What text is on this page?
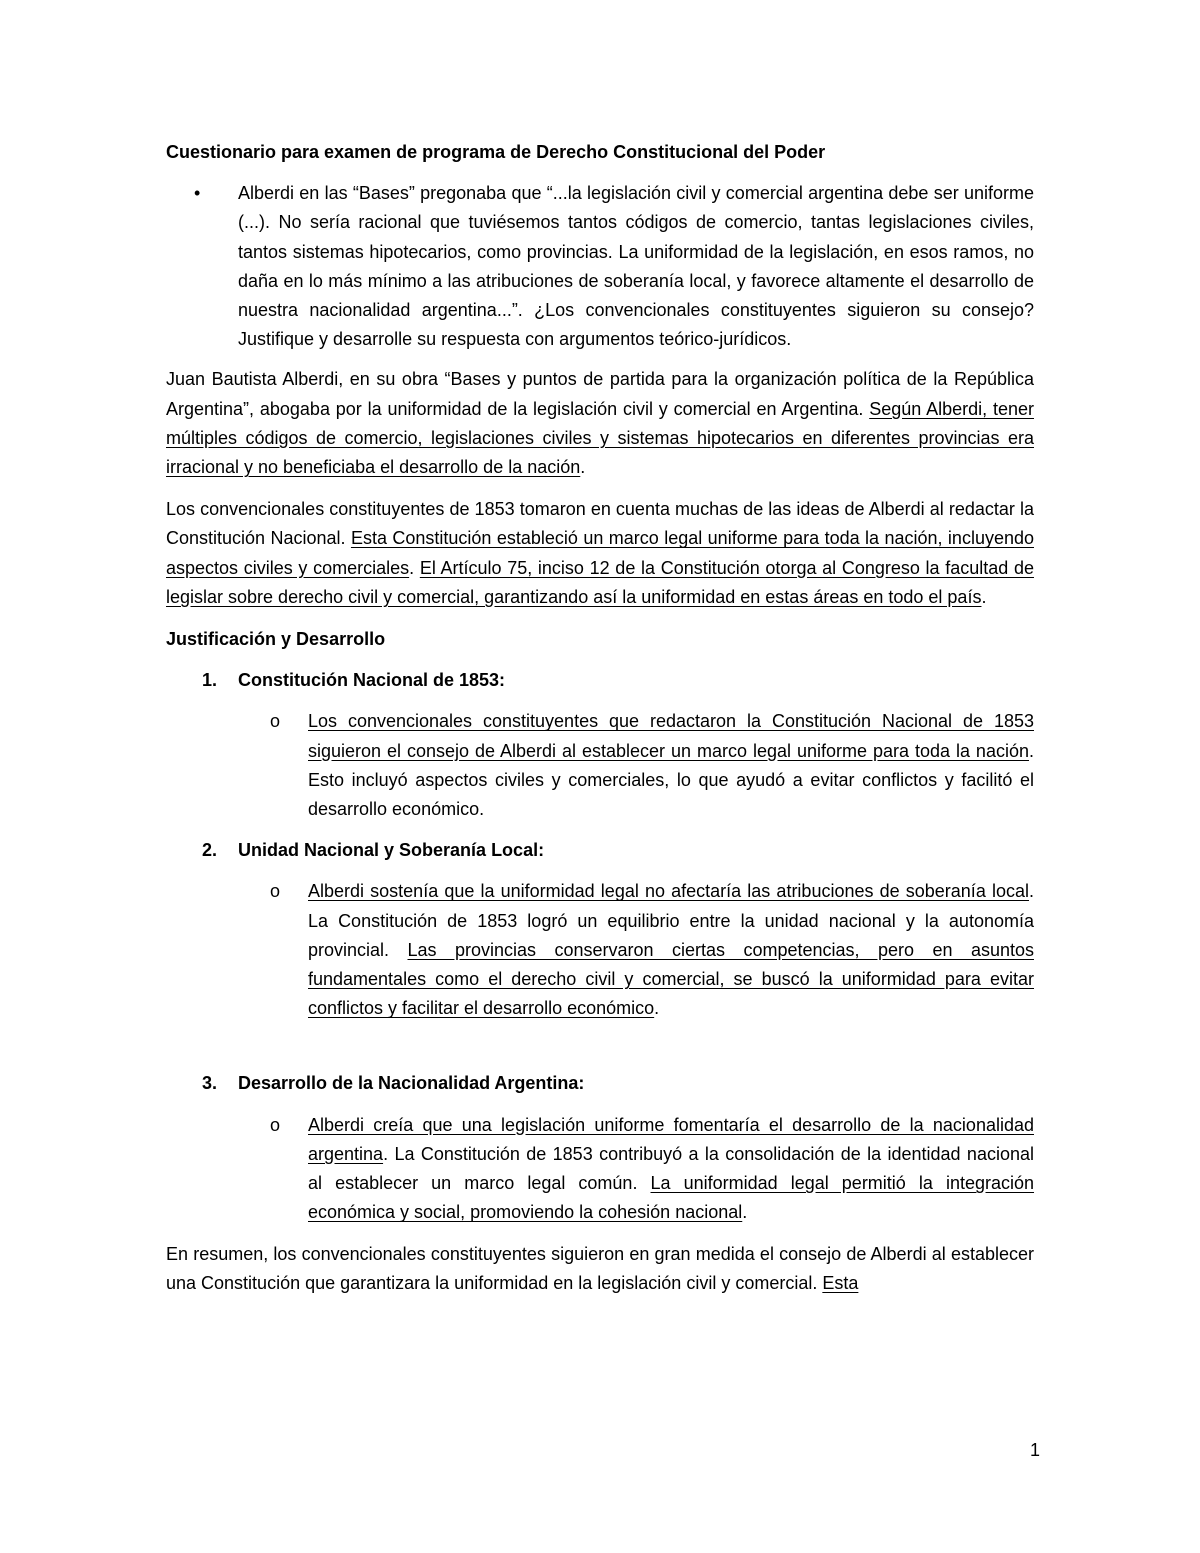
Cuestionario para examen de programa de Derecho Constitucional del Poder

• Alberdi en las “Bases” pregonaba que “...la legislación civil y comercial argentina debe ser uniforme (...). No sería racional que tuviésemos tantos códigos de comercio, tantas legislaciones civiles, tantos sistemas hipotecarios, como provincias. La uniformidad de la legislación, en esos ramos, no daña en lo más mínimo a las atribuciones de soberanía local, y favorece altamente el desarrollo de nuestra nacionalidad argentina...”. ¿Los convencionales constituyentes siguieron su consejo? Justifique y desarrolle su respuesta con argumentos teórico-jurídicos.

Juan Bautista Alberdi, en su obra “Bases y puntos de partida para la organización política de la República Argentina”, abogaba por la uniformidad de la legislación civil y comercial en Argentina. Según Alberdi, tener múltiples códigos de comercio, legislaciones civiles y sistemas hipotecarios en diferentes provincias era irracional y no beneficiaba el desarrollo de la nación.

Los convencionales constituyentes de 1853 tomaron en cuenta muchas de las ideas de Alberdi al redactar la Constitución Nacional. Esta Constitución estableció un marco legal uniforme para toda la nación, incluyendo aspectos civiles y comerciales. El Artículo 75, inciso 12 de la Constitución otorga al Congreso la facultad de legislar sobre derecho civil y comercial, garantizando así la uniformidad en estas áreas en todo el país.

Justificación y Desarrollo

1. Constitución Nacional de 1853:
o Los convencionales constituyentes que redactaron la Constitución Nacional de 1853 siguieron el consejo de Alberdi al establecer un marco legal uniforme para toda la nación. Esto incluyó aspectos civiles y comerciales, lo que ayudó a evitar conflictos y facilitó el desarrollo económico.

2. Unidad Nacional y Soberanía Local:
o Alberdi sostenía que la uniformidad legal no afectaría las atribuciones de soberanía local. La Constitución de 1853 logró un equilibrio entre la unidad nacional y la autonomía provincial. Las provincias conservaron ciertas competencias, pero en asuntos fundamentales como el derecho civil y comercial, se buscó la uniformidad para evitar conflictos y facilitar el desarrollo económico.

3. Desarrollo de la Nacionalidad Argentina:
o Alberdi creía que una legislación uniforme fomentaría el desarrollo de la nacionalidad argentina. La Constitución de 1853 contribuyó a la consolidación de la identidad nacional al establecer un marco legal común. La uniformidad legal permitió la integración económica y social, promoviendo la cohesión nacional.

En resumen, los convencionales constituyentes siguieron en gran medida el consejo de Alberdi al establecer una Constitución que garantizara la uniformidad en la legislación civil y comercial. Esta

1
